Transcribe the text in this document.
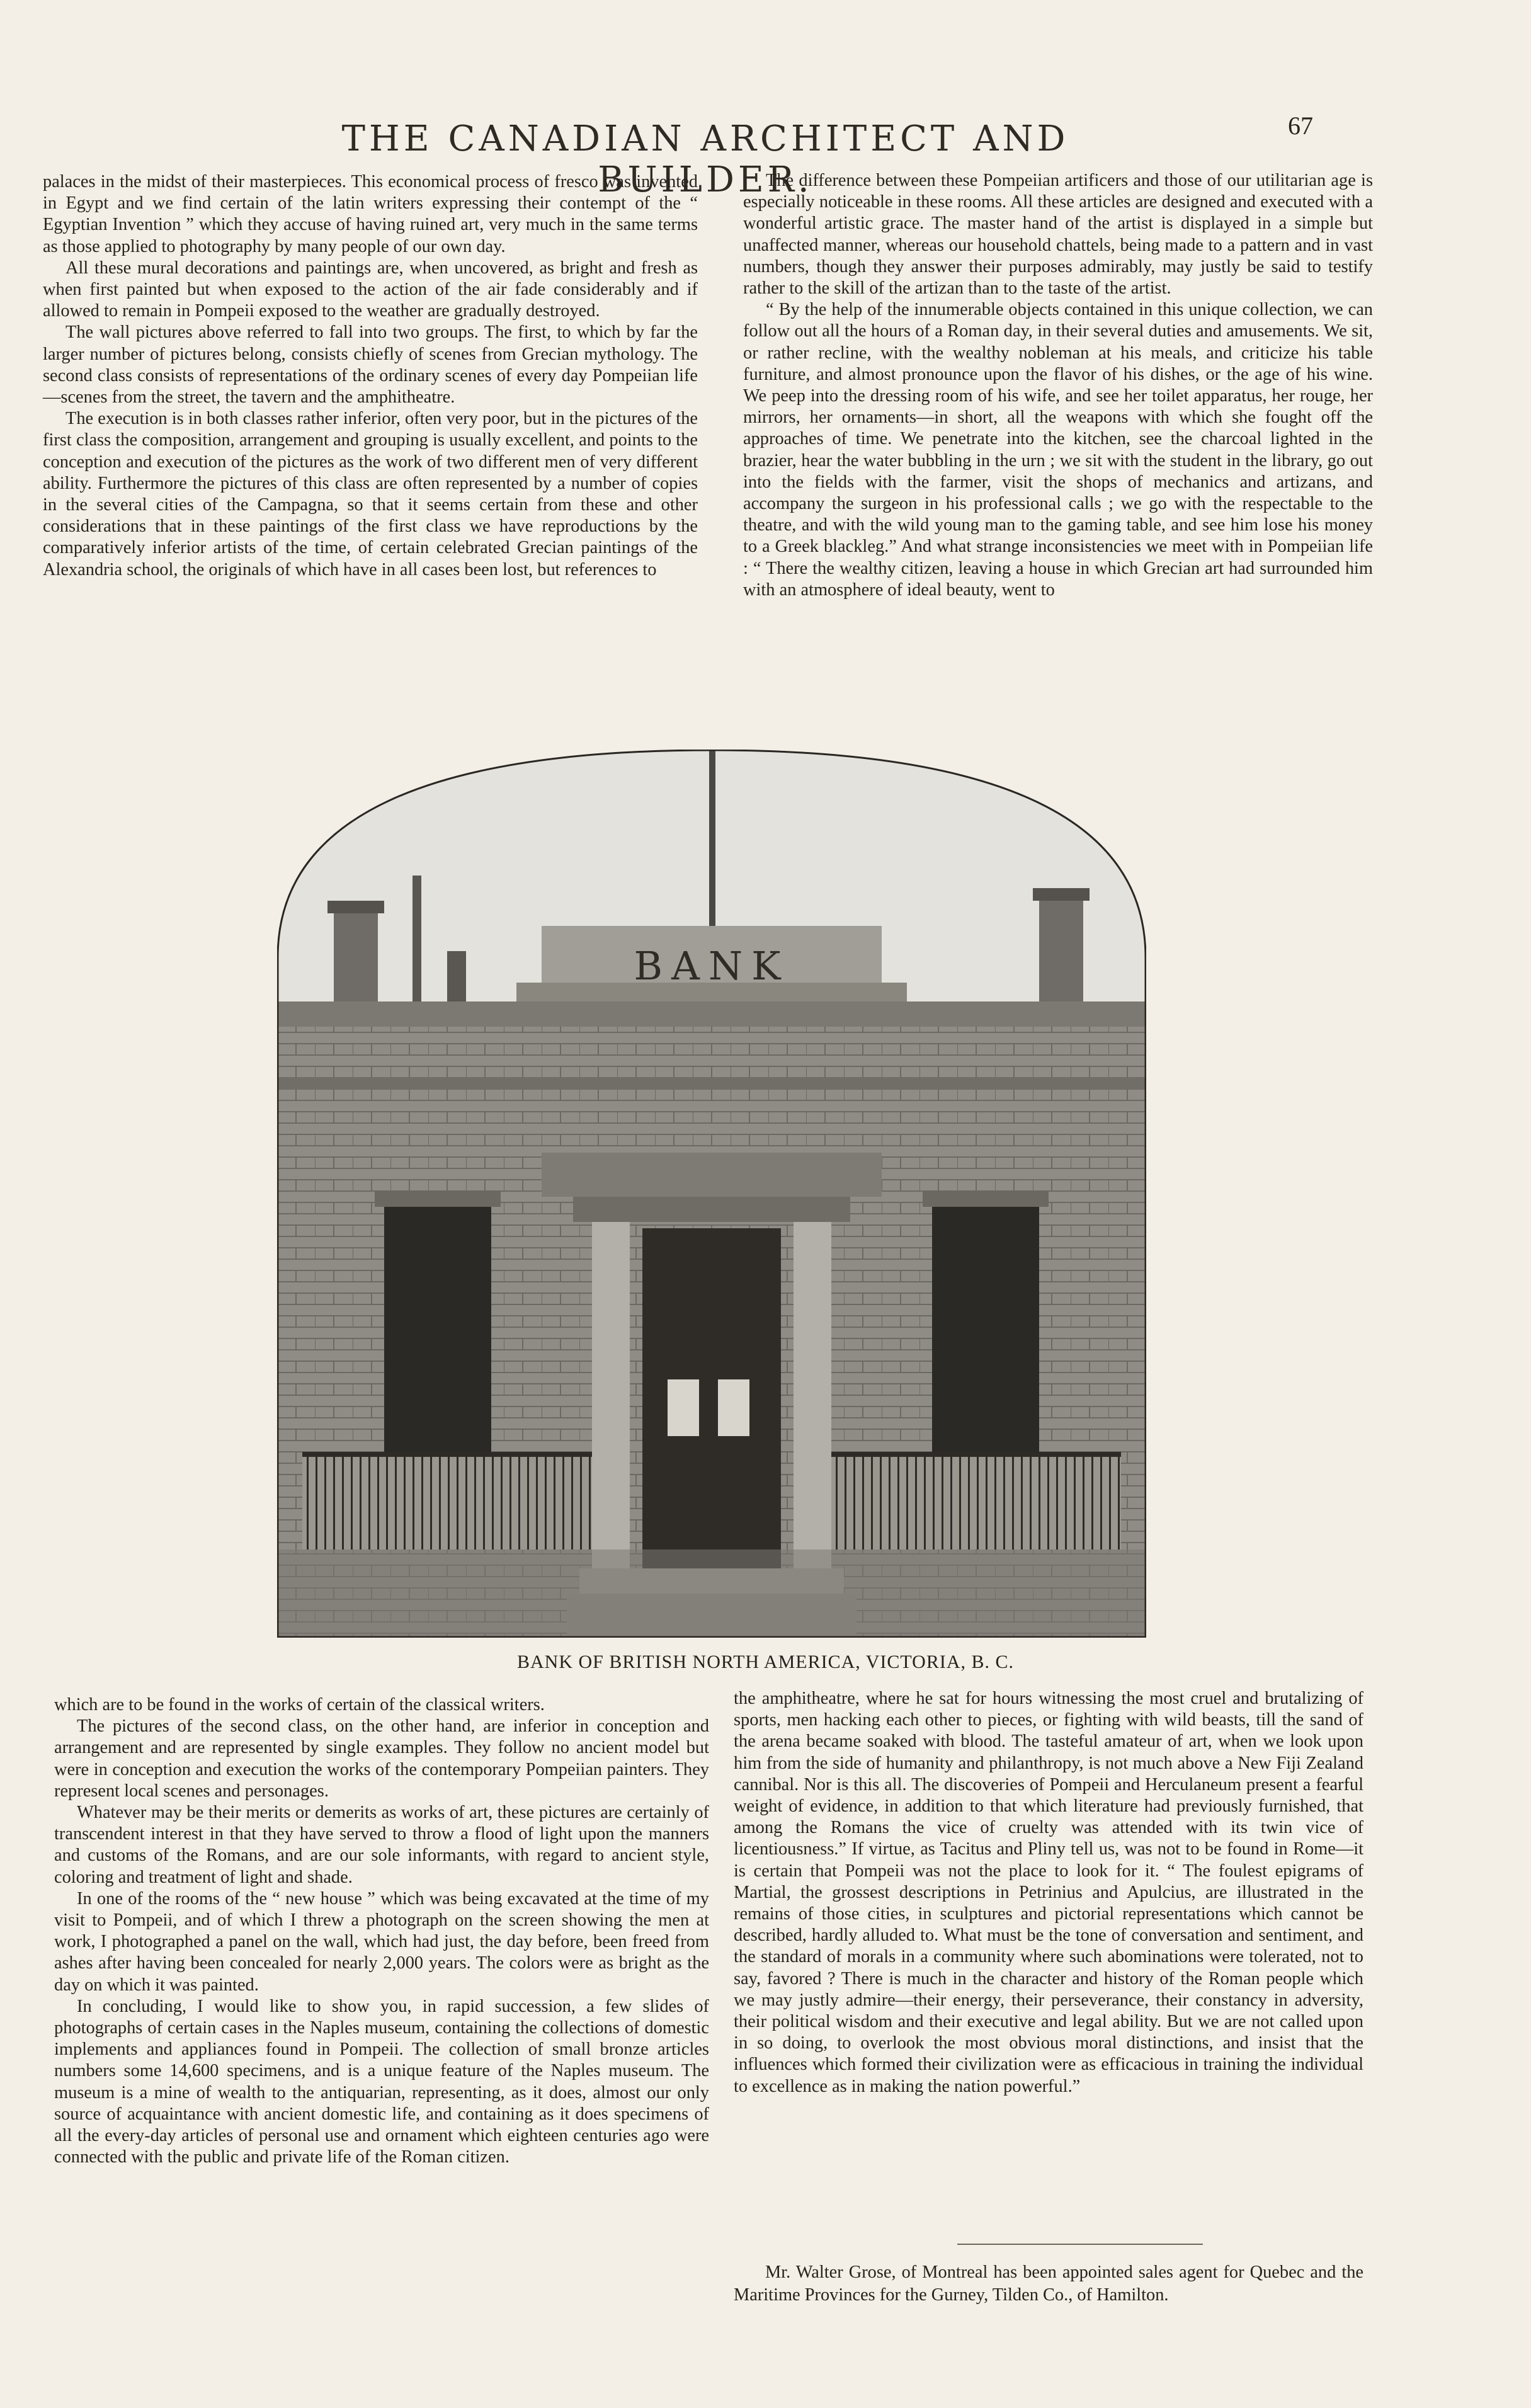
THE CANADIAN ARCHITECT AND BUILDER.
67

palaces in the midst of their masterpieces. This economical process of fresco was invented in Egypt and we find certain of the latin writers expressing their contempt of the “ Egyptian Invention ” which they accuse of having ruined art, very much in the same terms as those applied to photography by many people of our own day.

All these mural decorations and paintings are, when uncovered, as bright and fresh as when first painted but when exposed to the action of the air fade considerably and if allowed to remain in Pompeii exposed to the weather are gradually destroyed.

The wall pictures above referred to fall into two groups. The first, to which by far the larger number of pictures belong, consists chiefly of scenes from Grecian mythology. The second class consists of representations of the ordinary scenes of every day Pompeiian life—scenes from the street, the tavern and the amphitheatre.

The execution is in both classes rather inferior, often very poor, but in the pictures of the first class the composition, arrangement and grouping is usually excellent, and points to the conception and execution of the pictures as the work of two different men of very different ability. Furthermore the pictures of this class are often represented by a number of copies in the several cities of the Campagna, so that it seems certain from these and other considerations that in these paintings of the first class we have reproductions by the comparatively inferior artists of the time, of certain celebrated Grecian paintings of the Alexandria school, the originals of which have in all cases been lost, but references to

The difference between these Pompeiian artificers and those of our utilitarian age is especially noticeable in these rooms. All these articles are designed and executed with a wonderful artistic grace. The master hand of the artist is displayed in a simple but unaffected manner, whereas our household chattels, being made to a pattern and in vast numbers, though they answer their purposes admirably, may justly be said to testify rather to the skill of the artizan than to the taste of the artist.

“ By the help of the innumerable objects contained in this unique collection, we can follow out all the hours of a Roman day, in their several duties and amusements. We sit, or rather recline, with the wealthy nobleman at his meals, and criticize his table furniture, and almost pronounce upon the flavor of his dishes, or the age of his wine. We peep into the dressing room of his wife, and see her toilet apparatus, her rouge, her mirrors, her ornaments—in short, all the weapons with which she fought off the approaches of time. We penetrate into the kitchen, see the charcoal lighted in the brazier, hear the water bubbling in the urn ; we sit with the student in the library, go out into the fields with the farmer, visit the shops of mechanics and artizans, and accompany the surgeon in his professional calls ; we go with the respectable to the theatre, and with the wild young man to the gaming table, and see him lose his money to a Greek blackleg.” And what strange inconsistencies we meet with in Pompeiian life : “ There the wealthy citizen, leaving a house in which Grecian art had surrounded him with an atmosphere of ideal beauty, went to

BANK
BANK OF BRITISH NORTH AMERICA, VICTORIA, B. C.

which are to be found in the works of certain of the classical writers.

The pictures of the second class, on the other hand, are inferior in conception and arrangement and are represented by single examples. They follow no ancient model but were in conception and execution the works of the contemporary Pompeiian painters. They represent local scenes and personages.

Whatever may be their merits or demerits as works of art, these pictures are certainly of transcendent interest in that they have served to throw a flood of light upon the manners and customs of the Romans, and are our sole informants, with regard to ancient style, coloring and treatment of light and shade.

In one of the rooms of the “ new house ” which was being excavated at the time of my visit to Pompeii, and of which I threw a photograph on the screen showing the men at work, I photographed a panel on the wall, which had just, the day before, been freed from ashes after having been concealed for nearly 2,000 years. The colors were as bright as the day on which it was painted.

In concluding, I would like to show you, in rapid succession, a few slides of photographs of certain cases in the Naples museum, containing the collections of domestic implements and appliances found in Pompeii. The collection of small bronze articles numbers some 14,600 specimens, and is a unique feature of the Naples museum. The museum is a mine of wealth to the antiquarian, representing, as it does, almost our only source of acquaintance with ancient domestic life, and containing as it does specimens of all the every-day articles of personal use and ornament which eighteen centuries ago were connected with the public and private life of the Roman citizen.

the amphitheatre, where he sat for hours witnessing the most cruel and brutalizing of sports, men hacking each other to pieces, or fighting with wild beasts, till the sand of the arena became soaked with blood. The tasteful amateur of art, when we look upon him from the side of humanity and philanthropy, is not much above a New Fiji Zealand cannibal. Nor is this all. The discoveries of Pompeii and Herculaneum present a fearful weight of evidence, in addition to that which literature had previously furnished, that among the Romans the vice of cruelty was attended with its twin vice of licentiousness.” If virtue, as Tacitus and Pliny tell us, was not to be found in Rome—it is certain that Pompeii was not the place to look for it. “ The foulest epigrams of Martial, the grossest descriptions in Petrinius and Apulcius, are illustrated in the remains of those cities, in sculptures and pictorial representations which cannot be described, hardly alluded to. What must be the tone of conversation and sentiment, and the standard of morals in a community where such abominations were tolerated, not to say, favored ? There is much in the character and history of the Roman people which we may justly admire—their energy, their perseverance, their constancy in adversity, their political wisdom and their executive and legal ability. But we are not called upon in so doing, to overlook the most obvious moral distinctions, and insist that the influences which formed their civilization were as efficacious in training the individual to excellence as in making the nation powerful.”

Mr. Walter Grose, of Montreal has been appointed sales agent for Quebec and the Maritime Provinces for the Gurney, Tilden Co., of Hamilton.
